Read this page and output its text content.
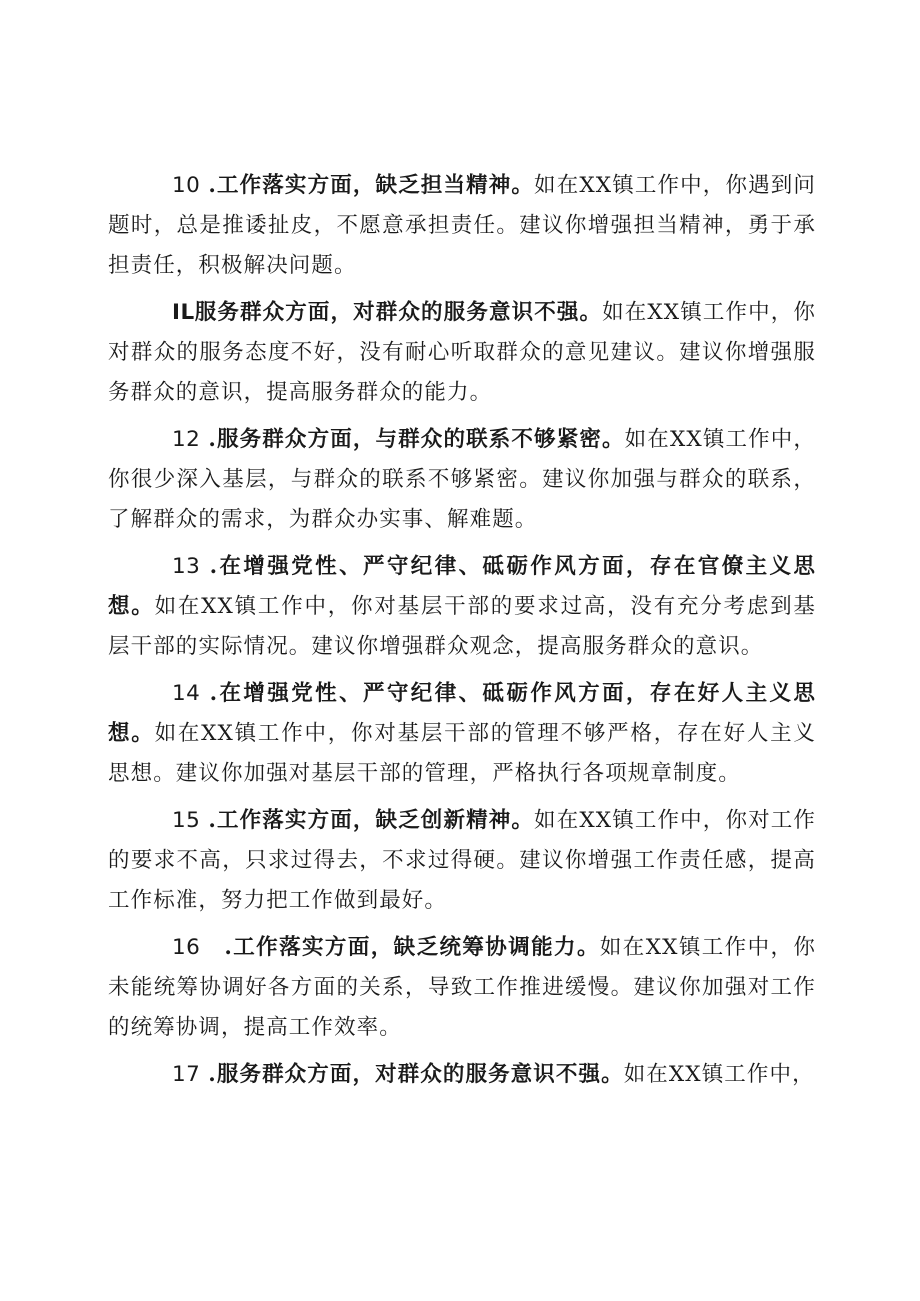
10 .工作落实方面，缺乏担当精神。如在XX镇工作中，你遇到问题时，总是推诿扯皮，不愿意承担责任。建议你增强担当精神，勇于承担责任，积极解决问题。

IL服务群众方面，对群众的服务意识不强。如在XX镇工作中，你对群众的服务态度不好，没有耐心听取群众的意见建议。建议你增强服务群众的意识，提高服务群众的能力。

12 .服务群众方面，与群众的联系不够紧密。如在XX镇工作中，你很少深入基层，与群众的联系不够紧密。建议你加强与群众的联系，了解群众的需求，为群众办实事、解难题。

13 .在增强党性、严守纪律、砥砺作风方面，存在官僚主义思想。如在XX镇工作中，你对基层干部的要求过高，没有充分考虑到基层干部的实际情况。建议你增强群众观念，提高服务群众的意识。

14 .在增强党性、严守纪律、砥砺作风方面，存在好人主义思想。如在XX镇工作中，你对基层干部的管理不够严格，存在好人主义思想。建议你加强对基层干部的管理，严格执行各项规章制度。

15 .工作落实方面，缺乏创新精神。如在XX镇工作中，你对工作的要求不高，只求过得去，不求过得硬。建议你增强工作责任感，提高工作标准，努力把工作做到最好。

16 .工作落实方面，缺乏统筹协调能力。如在XX镇工作中，你未能统筹协调好各方面的关系，导致工作推进缓慢。建议你加强对工作的统筹协调，提高工作效率。

17 .服务群众方面，对群众的服务意识不强。如在XX镇工作中，
